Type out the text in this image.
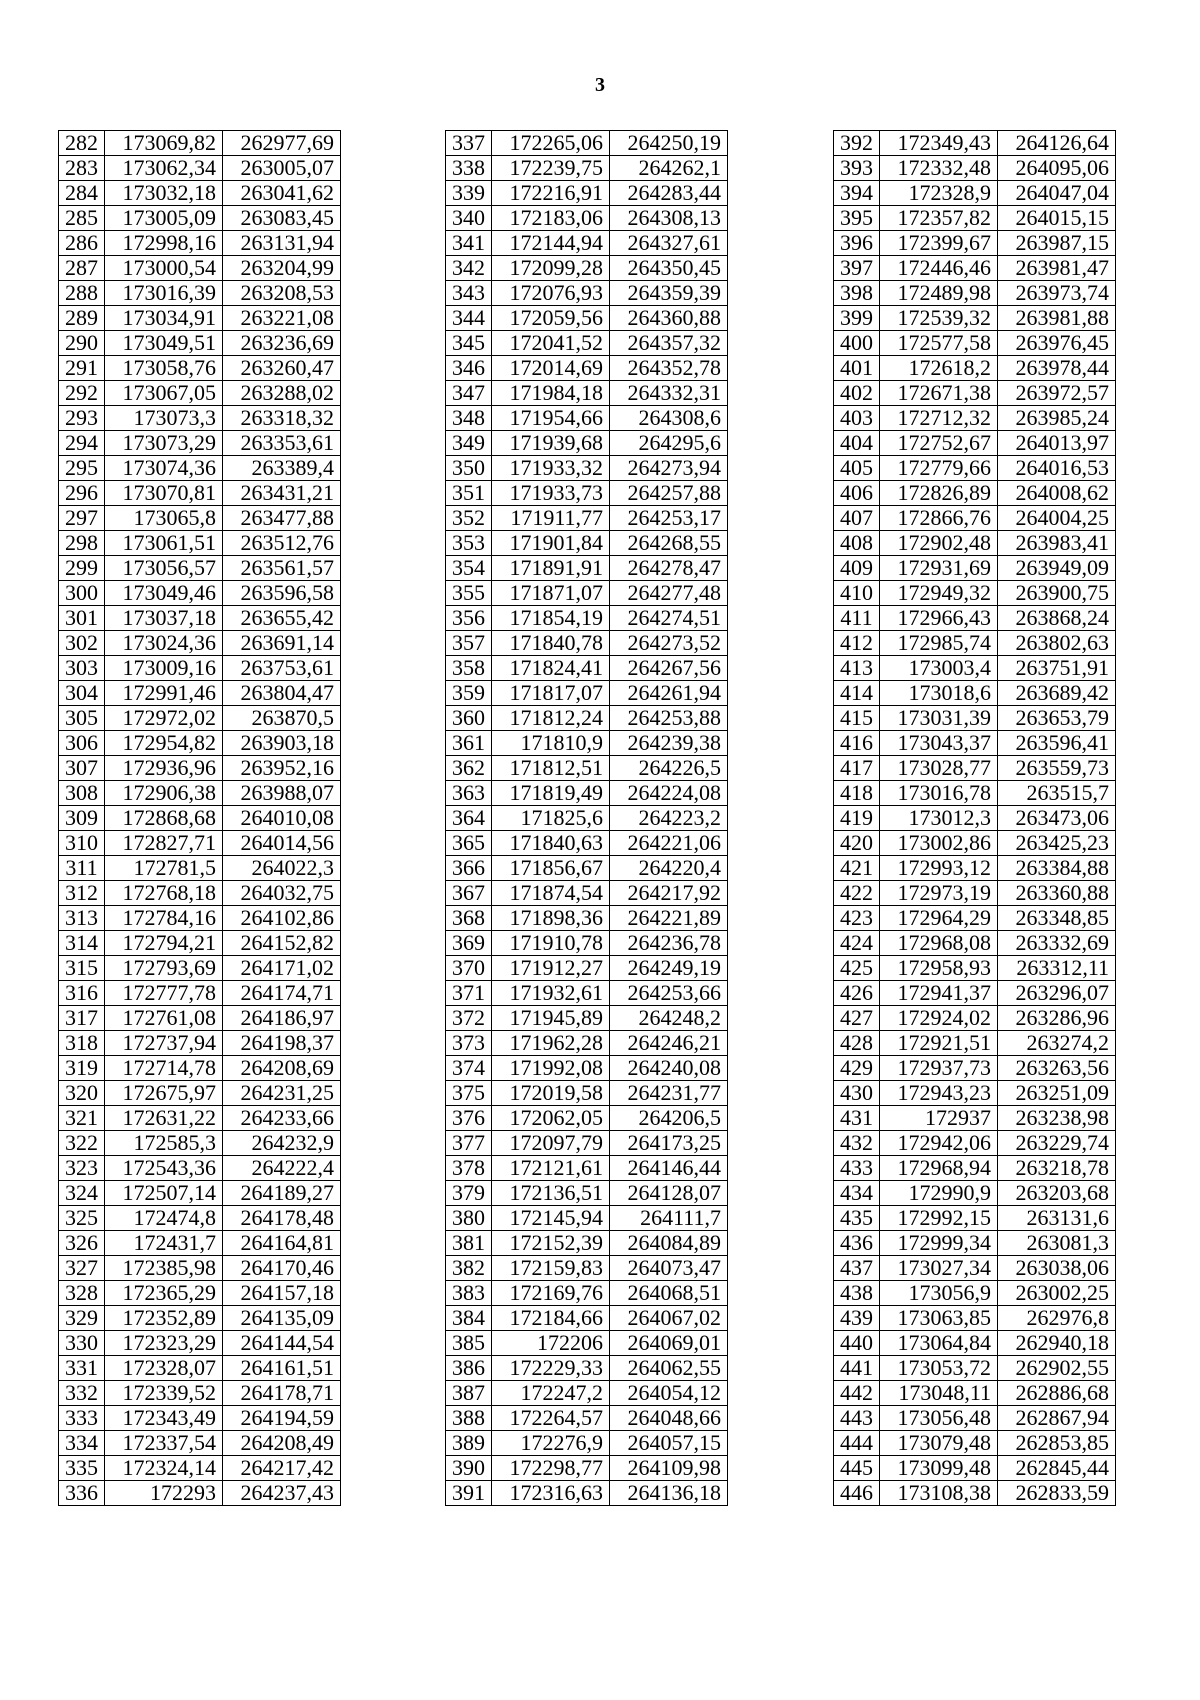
3
282	173069,82	262977,69
283	173062,34	263005,07
284	173032,18	263041,62
285	173005,09	263083,45
286	172998,16	263131,94
287	173000,54	263204,99
288	173016,39	263208,53
289	173034,91	263221,08
290	173049,51	263236,69
291	173058,76	263260,47
292	173067,05	263288,02
293	173073,3	263318,32
294	173073,29	263353,61
295	173074,36	263389,4
296	173070,81	263431,21
297	173065,8	263477,88
298	173061,51	263512,76
299	173056,57	263561,57
300	173049,46	263596,58
301	173037,18	263655,42
302	173024,36	263691,14
303	173009,16	263753,61
304	172991,46	263804,47
305	172972,02	263870,5
306	172954,82	263903,18
307	172936,96	263952,16
308	172906,38	263988,07
309	172868,68	264010,08
310	172827,71	264014,56
311	172781,5	264022,3
312	172768,18	264032,75
313	172784,16	264102,86
314	172794,21	264152,82
315	172793,69	264171,02
316	172777,78	264174,71
317	172761,08	264186,97
318	172737,94	264198,37
319	172714,78	264208,69
320	172675,97	264231,25
321	172631,22	264233,66
322	172585,3	264232,9
323	172543,36	264222,4
324	172507,14	264189,27
325	172474,8	264178,48
326	172431,7	264164,81
327	172385,98	264170,46
328	172365,29	264157,18
329	172352,89	264135,09
330	172323,29	264144,54
331	172328,07	264161,51
332	172339,52	264178,71
333	172343,49	264194,59
334	172337,54	264208,49
335	172324,14	264217,42
336	172293	264237,43
337	172265,06	264250,19
338	172239,75	264262,1
339	172216,91	264283,44
340	172183,06	264308,13
341	172144,94	264327,61
342	172099,28	264350,45
343	172076,93	264359,39
344	172059,56	264360,88
345	172041,52	264357,32
346	172014,69	264352,78
347	171984,18	264332,31
348	171954,66	264308,6
349	171939,68	264295,6
350	171933,32	264273,94
351	171933,73	264257,88
352	171911,77	264253,17
353	171901,84	264268,55
354	171891,91	264278,47
355	171871,07	264277,48
356	171854,19	264274,51
357	171840,78	264273,52
358	171824,41	264267,56
359	171817,07	264261,94
360	171812,24	264253,88
361	171810,9	264239,38
362	171812,51	264226,5
363	171819,49	264224,08
364	171825,6	264223,2
365	171840,63	264221,06
366	171856,67	264220,4
367	171874,54	264217,92
368	171898,36	264221,89
369	171910,78	264236,78
370	171912,27	264249,19
371	171932,61	264253,66
372	171945,89	264248,2
373	171962,28	264246,21
374	171992,08	264240,08
375	172019,58	264231,77
376	172062,05	264206,5
377	172097,79	264173,25
378	172121,61	264146,44
379	172136,51	264128,07
380	172145,94	264111,7
381	172152,39	264084,89
382	172159,83	264073,47
383	172169,76	264068,51
384	172184,66	264067,02
385	172206	264069,01
386	172229,33	264062,55
387	172247,2	264054,12
388	172264,57	264048,66
389	172276,9	264057,15
390	172298,77	264109,98
391	172316,63	264136,18
392	172349,43	264126,64
393	172332,48	264095,06
394	172328,9	264047,04
395	172357,82	264015,15
396	172399,67	263987,15
397	172446,46	263981,47
398	172489,98	263973,74
399	172539,32	263981,88
400	172577,58	263976,45
401	172618,2	263978,44
402	172671,38	263972,57
403	172712,32	263985,24
404	172752,67	264013,97
405	172779,66	264016,53
406	172826,89	264008,62
407	172866,76	264004,25
408	172902,48	263983,41
409	172931,69	263949,09
410	172949,32	263900,75
411	172966,43	263868,24
412	172985,74	263802,63
413	173003,4	263751,91
414	173018,6	263689,42
415	173031,39	263653,79
416	173043,37	263596,41
417	173028,77	263559,73
418	173016,78	263515,7
419	173012,3	263473,06
420	173002,86	263425,23
421	172993,12	263384,88
422	172973,19	263360,88
423	172964,29	263348,85
424	172968,08	263332,69
425	172958,93	263312,11
426	172941,37	263296,07
427	172924,02	263286,96
428	172921,51	263274,2
429	172937,73	263263,56
430	172943,23	263251,09
431	172937	263238,98
432	172942,06	263229,74
433	172968,94	263218,78
434	172990,9	263203,68
435	172992,15	263131,6
436	172999,34	263081,3
437	173027,34	263038,06
438	173056,9	263002,25
439	173063,85	262976,8
440	173064,84	262940,18
441	173053,72	262902,55
442	173048,11	262886,68
443	173056,48	262867,94
444	173079,48	262853,85
445	173099,48	262845,44
446	173108,38	262833,59
